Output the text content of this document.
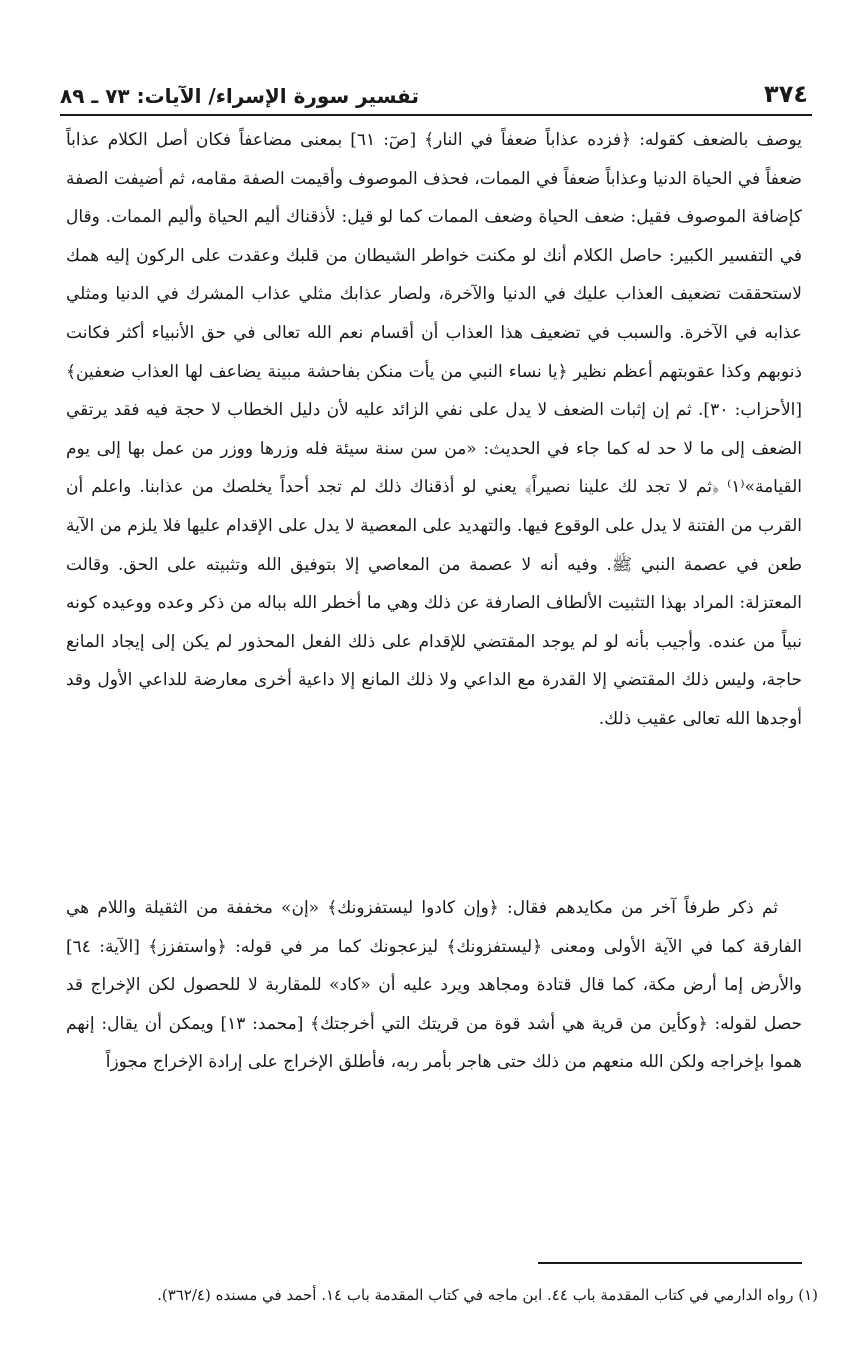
٣٧٤
تفسير سورة الإسراء/ الآيات: ٧٣ ـ ٨٩

يوصف بالضعف كقوله: ﴿فزده عذاباً ضعفاً في النار﴾ [صٓ: ٦١] بمعنى مضاعفاً فكان أصل الكلام عذاباً ضعفاً في الحياة الدنيا وعذاباً ضعفاً في الممات، فحذف الموصوف وأقيمت الصفة مقامه، ثم أضيفت الصفة كإضافة الموصوف فقيل: ضعف الحياة وضعف الممات كما لو قيل: لأذقناك أليم الحياة وأليم الممات. وقال في التفسير الكبير: حاصل الكلام أنك لو مكنت خواطر الشيطان من قلبك وعقدت على الركون إليه همك لاستحققت تضعيف العذاب عليك في الدنيا والآخرة، ولصار عذابك مثلي عذاب المشرك في الدنيا ومثلي عذابه في الآخرة. والسبب في تضعيف هذا العذاب أن أقسام نعم الله تعالى في حق الأنبياء أكثر فكانت ذنوبهم وكذا عقوبتهم أعظم نظير ﴿يا نساء النبي من يأت منكن بفاحشة مبينة يضاعف لها العذاب ضعفين﴾ [الأحزاب: ٣٠]. ثم إن إثبات الضعف لا يدل على نفي الزائد عليه لأن دليل الخطاب لا حجة فيه فقد يرتقي الضعف إلى ما لا حد له كما جاء في الحديث: «من سن سنة سيئة فله وزرها ووزر من عمل بها إلى يوم القيامة»⁽١⁾ ﴿ثم لا تجد لك علينا نصيراً﴾ يعني لو أذقناك ذلك لم تجد أحداً يخلصك من عذابنا. واعلم أن القرب من الفتنة لا يدل على الوقوع فيها. والتهديد على المعصية لا يدل على الإقدام عليها فلا يلزم من الآية طعن في عصمة النبي ﷺ. وفيه أنه لا عصمة من المعاصي إلا بتوفيق الله وتثبيته على الحق. وقالت المعتزلة: المراد بهذا التثبيت الألطاف الصارفة عن ذلك وهي ما أخطر الله بباله من ذكر وعده ووعيده كونه نبياً من عنده. وأجيب بأنه لو لم يوجد المقتضي للإقدام على ذلك الفعل المحذور لم يكن إلى إيجاد المانع حاجة، وليس ذلك المقتضي إلا القدرة مع الداعي ولا ذلك المانع إلا داعية أخرى معارضة للداعي الأول وقد أوجدها الله تعالى عقيب ذلك.

ثم ذكر طرفاً آخر من مكايدهم فقال: ﴿وإن كادوا ليستفزونك﴾ «إن» مخففة من الثقيلة واللام هي الفارقة كما في الآية الأولى ومعنى ﴿ليستفزونك﴾ ليزعجونك كما مر في قوله: ﴿واستفزز﴾ [الآية: ٦٤] والأرض إما أرض مكة، كما قال قتادة ومجاهد ويرد عليه أن «كاد» للمقاربة لا للحصول لكن الإخراج قد حصل لقوله: ﴿وكأين من قرية هي أشد قوة من قريتك التي أخرجتك﴾ [محمد: ١٣] ويمكن أن يقال: إنهم هموا بإخراجه ولكن الله منعهم من ذلك حتى هاجر بأمر ربه، فأطلق الإخراج على إرادة الإخراج مجوزاً

(١) رواه الدارمي في كتاب المقدمة باب ٤٤. ابن ماجه في كتاب المقدمة باب ١٤. أحمد في مسنده (٣٦٢/٤).
